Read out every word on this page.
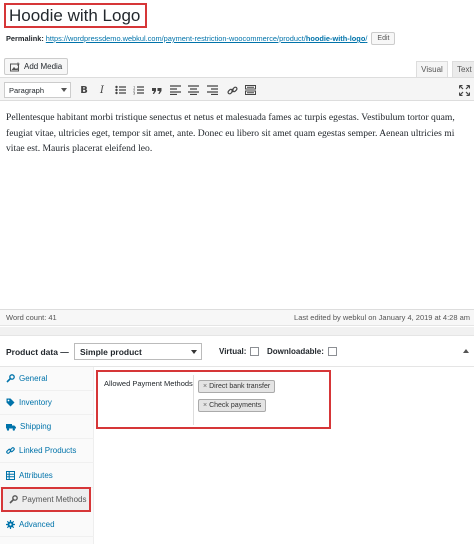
Hoodie with Logo
Permalink: https://wordpressdemo.webkul.com/payment-restriction-woocommerce/product/hoodie-with-logo/	Edit
Add Media	Visual	Text
Paragraph	B	I	1
2
3
Pellentesque habitant morbi tristique senectus et netus et malesuada fames ac turpis egestas. Vestibulum tortor quam, feugiat vitae, ultricies eget, tempor sit amet, ante. Donec eu libero sit amet quam egestas semper. Aenean ultricies mi vitae est. Mauris placerat eleifend leo.
Word count: 41	Last edited by webkul on January 4, 2019 at 4:28 am
Product data — Simple product	Virtual:	Downloadable:
General
Inventory
Shipping
Linked Products
Attributes
Payment Methods
Advanced
Allowed Payment Methods × Direct bank transfer
× Check payments
